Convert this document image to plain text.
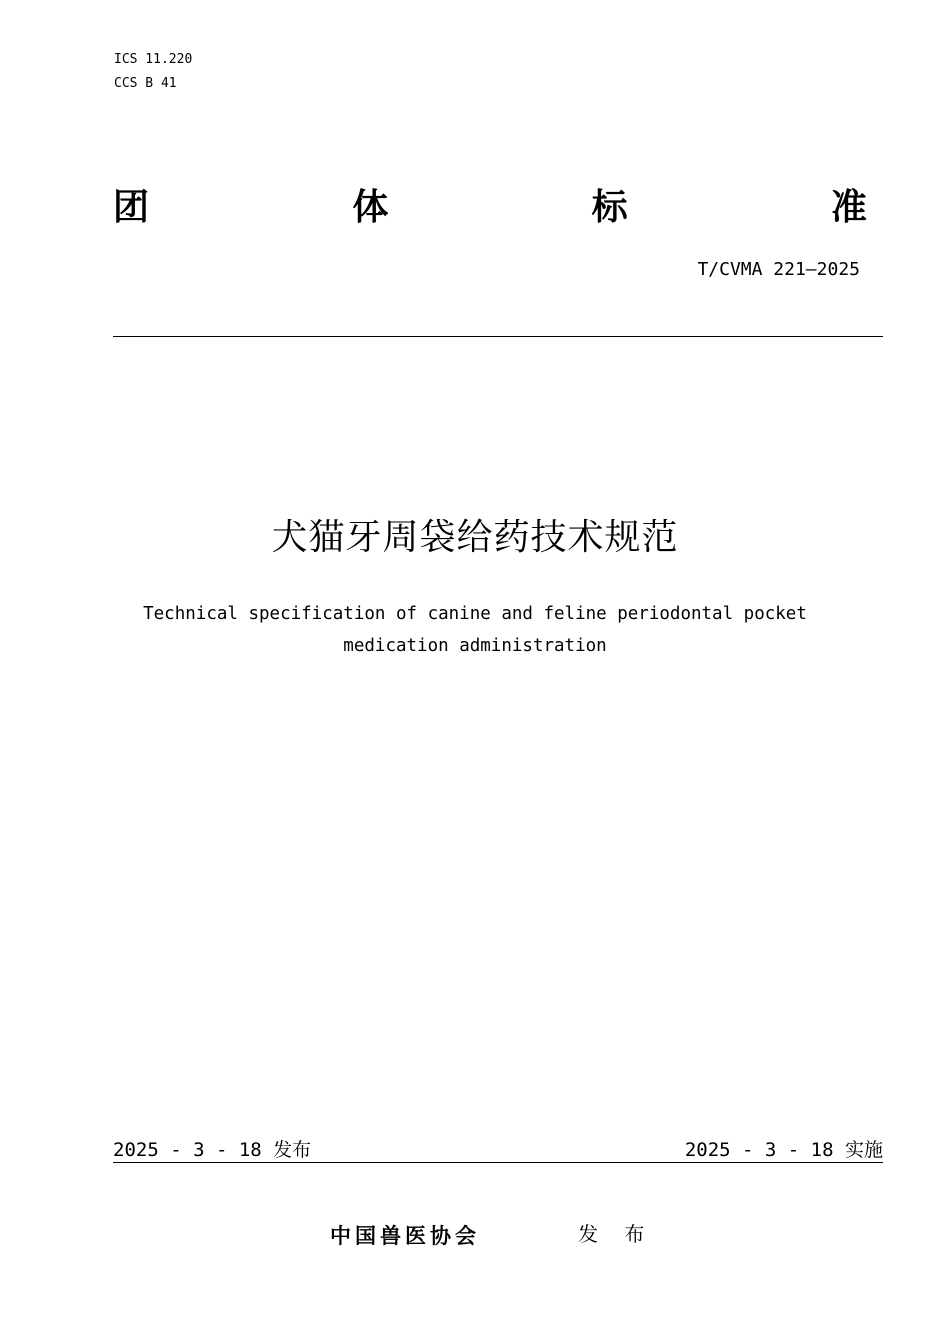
ICS 11.220
CCS B 41
团	体	标	准
T/CVMA 221—2025
犬猫牙周袋给药技术规范
Technical specification of canine and feline periodontal pocket
medication administration
2025 - 3 - 18 发布	2025 - 3 - 18 实施
中国兽医协会	发 布
